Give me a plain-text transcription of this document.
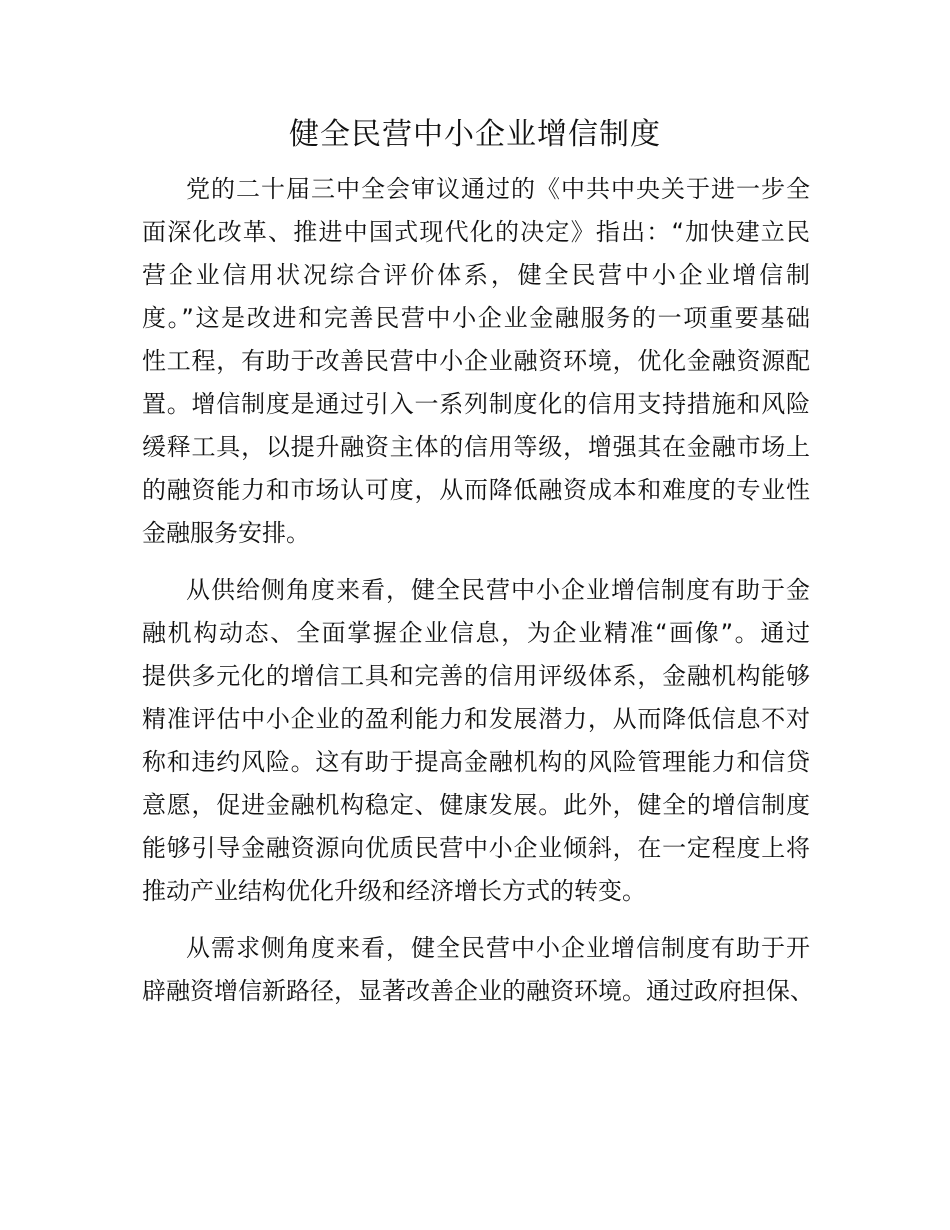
健全民营中小企业增信制度
党的二十届三中全会审议通过的《中共中央关于进一步全
面深化改革、推进中国式现代化的决定》指出：“加快建立民
营企业信用状况综合评价体系，健全民营中小企业增信制
度。”这是改进和完善民营中小企业金融服务的一项重要基础
性工程，有助于改善民营中小企业融资环境，优化金融资源配
置。增信制度是通过引入一系列制度化的信用支持措施和风险
缓释工具，以提升融资主体的信用等级，增强其在金融市场上
的融资能力和市场认可度，从而降低融资成本和难度的专业性
金融服务安排。
从供给侧角度来看，健全民营中小企业增信制度有助于金
融机构动态、全面掌握企业信息，为企业精准“画像”。通过
提供多元化的增信工具和完善的信用评级体系，金融机构能够
精准评估中小企业的盈利能力和发展潜力，从而降低信息不对
称和违约风险。这有助于提高金融机构的风险管理能力和信贷
意愿，促进金融机构稳定、健康发展。此外，健全的增信制度
能够引导金融资源向优质民营中小企业倾斜，在一定程度上将
推动产业结构优化升级和经济增长方式的转变。
从需求侧角度来看，健全民营中小企业增信制度有助于开
辟融资增信新路径，显著改善企业的融资环境。通过政府担保、
